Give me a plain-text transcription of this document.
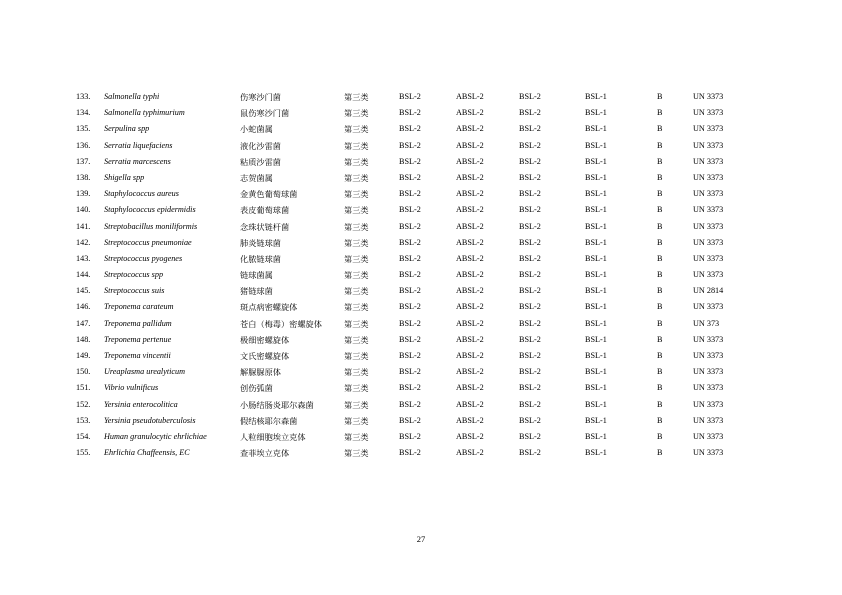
133. Salmonella typhi	伤寒沙门菌	第三类	BSL-2	ABSL-2	BSL-2	BSL-1	B	UN 3373
134. Salmonella typhimurium	鼠伤寒沙门菌	第三类	BSL-2	ABSL-2	BSL-2	BSL-1	B	UN 3373
135. Serpulina spp	小蛇菌属	第三类	BSL-2	ABSL-2	BSL-2	BSL-1	B	UN 3373
136. Serratia liquefaciens	液化沙雷菌	第三类	BSL-2	ABSL-2	BSL-2	BSL-1	B	UN 3373
137. Serratia marcescens	粘质沙雷菌	第三类	BSL-2	ABSL-2	BSL-2	BSL-1	B	UN 3373
138. Shigella spp	志贺菌属	第三类	BSL-2	ABSL-2	BSL-2	BSL-1	B	UN 3373
139. Staphylococcus aureus	金黄色葡萄球菌	第三类	BSL-2	ABSL-2	BSL-2	BSL-1	B	UN 3373
140. Staphylococcus epidermidis	表皮葡萄球菌	第三类	BSL-2	ABSL-2	BSL-2	BSL-1	B	UN 3373
141. Streptobacillus moniliformis	念珠状链杆菌	第三类	BSL-2	ABSL-2	BSL-2	BSL-1	B	UN 3373
142. Streptococcus pneumoniae	肺炎链球菌	第三类	BSL-2	ABSL-2	BSL-2	BSL-1	B	UN 3373
143. Streptococcus pyogenes	化脓链球菌	第三类	BSL-2	ABSL-2	BSL-2	BSL-1	B	UN 3373
144. Streptococcus spp	链球菌属	第三类	BSL-2	ABSL-2	BSL-2	BSL-1	B	UN 3373
145. Streptococcus suis	猪链球菌	第三类	BSL-2	ABSL-2	BSL-2	BSL-1	B	UN 2814
146. Treponema carateum	斑点病密螺旋体	第三类	BSL-2	ABSL-2	BSL-2	BSL-1	B	UN 3373
147. Treponema pallidum	苍白（梅毒）密螺旋体	第三类	BSL-2	ABSL-2	BSL-2	BSL-1	B	UN 373
148. Treponema pertenue	极细密螺旋体	第三类	BSL-2	ABSL-2	BSL-2	BSL-1	B	UN 3373
149. Treponema vincentii	文氏密螺旋体	第三类	BSL-2	ABSL-2	BSL-2	BSL-1	B	UN 3373
150. Ureaplasma urealyticum	解脲脲原体	第三类	BSL-2	ABSL-2	BSL-2	BSL-1	B	UN 3373
151. Vibrio vulnificus	创伤弧菌	第三类	BSL-2	ABSL-2	BSL-2	BSL-1	B	UN 3373
152. Yersinia enterocolitica	小肠结肠炎耶尔森菌	第三类	BSL-2	ABSL-2	BSL-2	BSL-1	B	UN 3373
153. Yersinia pseudotuberculosis	假结核耶尔森菌	第三类	BSL-2	ABSL-2	BSL-2	BSL-1	B	UN 3373
154. Human granulocytic ehrlichiae	人粒细胞埃立克体	第三类	BSL-2	ABSL-2	BSL-2	BSL-1	B	UN 3373
155. Ehrlichia Chaffeensis, EC	查菲埃立克体	第三类	BSL-2	ABSL-2	BSL-2	BSL-1	B	UN 3373
27
